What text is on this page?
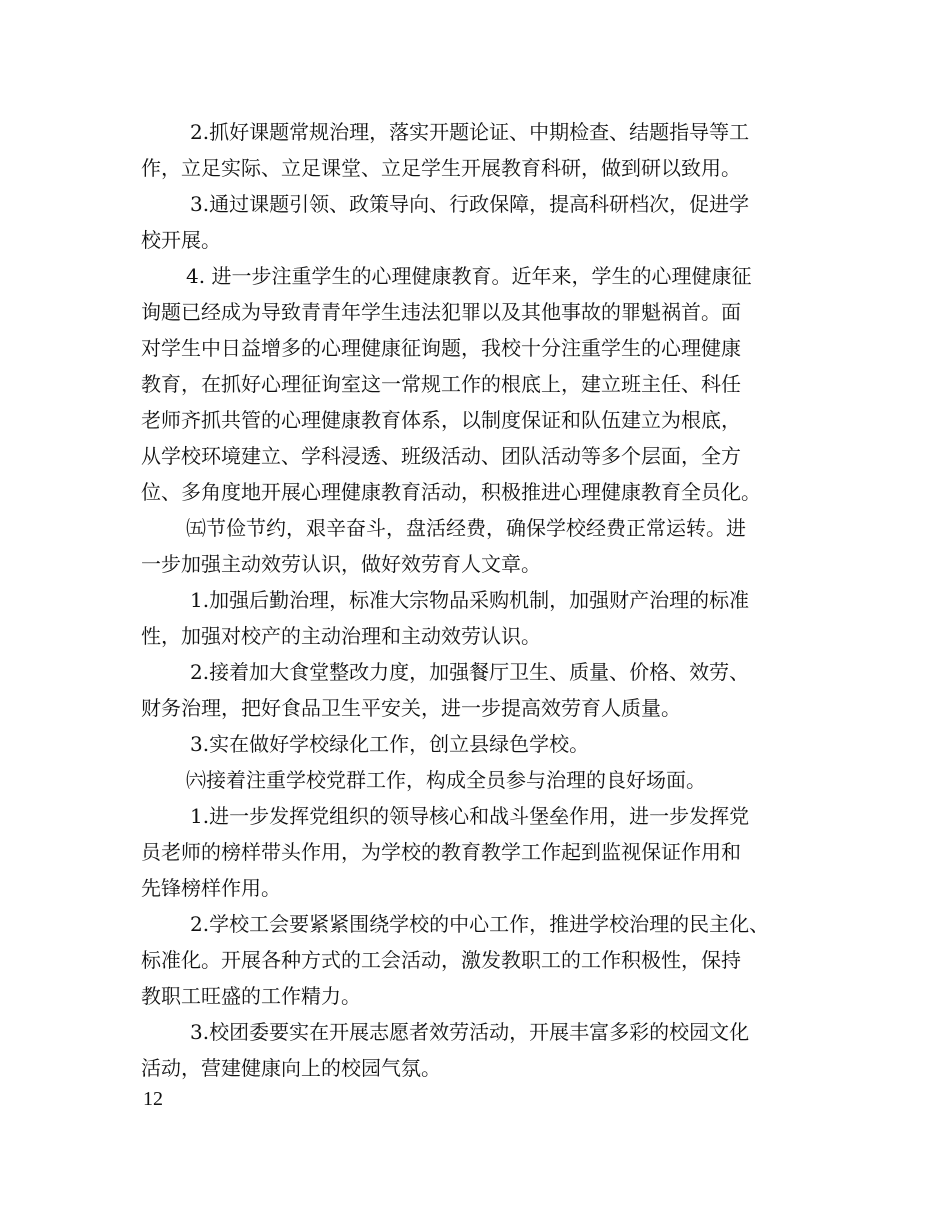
2.抓好课题常规治理，落实开题论证、中期检查、结题指导等工
作，立足实际、立足课堂、立足学生开展教育科研，做到研以致用。
3.通过课题引领、政策导向、行政保障，提高科研档次，促进学
校开展。
4. 进一步注重学生的心理健康教育。近年来，学生的心理健康征
询题已经成为导致青青年学生违法犯罪以及其他事故的罪魁祸首。面
对学生中日益增多的心理健康征询题，我校十分注重学生的心理健康
教育，在抓好心理征询室这一常规工作的根底上，建立班主任、科任
老师齐抓共管的心理健康教育体系，以制度保证和队伍建立为根底，
从学校环境建立、学科浸透、班级活动、团队活动等多个层面，全方
位、多角度地开展心理健康教育活动，积极推进心理健康教育全员化。
㈤节俭节约，艰辛奋斗，盘活经费，确保学校经费正常运转。进
一步加强主动效劳认识，做好效劳育人文章。
1.加强后勤治理，标准大宗物品采购机制，加强财产治理的标准
性，加强对校产的主动治理和主动效劳认识。
2.接着加大食堂整改力度，加强餐厅卫生、质量、价格、效劳、
财务治理，把好食品卫生平安关，进一步提高效劳育人质量。
3.实在做好学校绿化工作，创立县绿色学校。
㈥接着注重学校党群工作，构成全员参与治理的良好场面。
1.进一步发挥党组织的领导核心和战斗堡垒作用，进一步发挥党
员老师的榜样带头作用，为学校的教育教学工作起到监视保证作用和
先锋榜样作用。
2.学校工会要紧紧围绕学校的中心工作，推进学校治理的民主化、
标准化。开展各种方式的工会活动，激发教职工的工作积极性，保持
教职工旺盛的工作精力。
3.校团委要实在开展志愿者效劳活动，开展丰富多彩的校园文化
活动，营建健康向上的校园气氛。
12
